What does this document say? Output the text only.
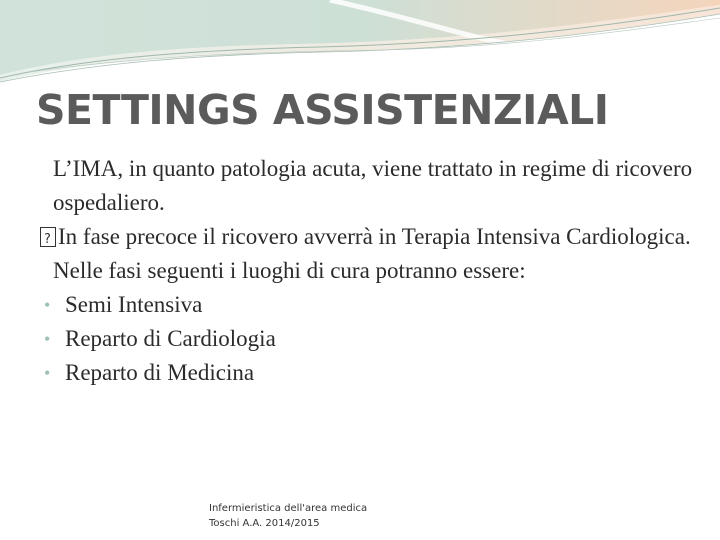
SETTINGS ASSISTENZIALI

L’IMA, in quanto patologia acuta, viene trattato in regime di ricovero ospedaliero.

?In fase precoce il ricovero avverrà in Terapia Intensiva Cardiologica.

Nelle fasi seguenti i luoghi di cura potranno essere:

• Semi Intensiva
• Reparto di Cardiologia
• Reparto di Medicina
Infermieristica dell'area medica
Toschi A.A. 2014/2015
